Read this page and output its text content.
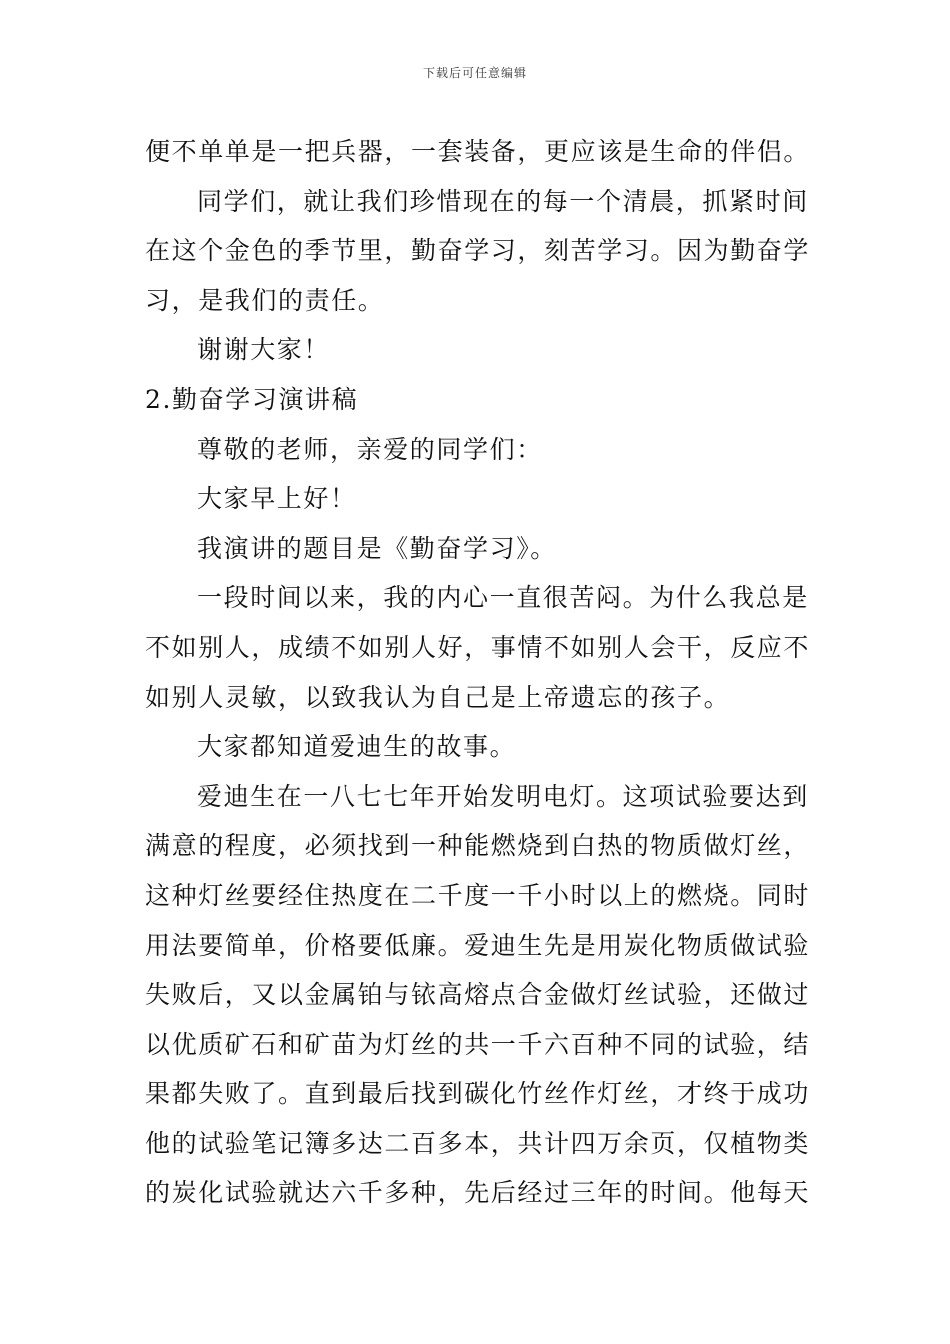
下载后可任意编辑
便不单单是一把兵器，一套装备，更应该是生命的伴侣。
同学们，就让我们珍惜现在的每一个清晨，抓紧时间
在这个金色的季节里，勤奋学习，刻苦学习。因为勤奋学
习，是我们的责任。
谢谢大家！
2.勤奋学习演讲稿
尊敬的老师，亲爱的同学们：
大家早上好！
我演讲的题目是《勤奋学习》。
一段时间以来，我的内心一直很苦闷。为什么我总是
不如别人，成绩不如别人好，事情不如别人会干，反应不
如别人灵敏，以致我认为自己是上帝遗忘的孩子。
大家都知道爱迪生的故事。
爱迪生在一八七七年开始发明电灯。这项试验要达到
满意的程度，必须找到一种能燃烧到白热的物质做灯丝，
这种灯丝要经住热度在二千度一千小时以上的燃烧。同时
用法要简单，价格要低廉。爱迪生先是用炭化物质做试验
失败后，又以金属铂与铱高熔点合金做灯丝试验，还做过
以优质矿石和矿苗为灯丝的共一千六百种不同的试验，结
果都失败了。直到最后找到碳化竹丝作灯丝，才终于成功
他的试验笔记簿多达二百多本，共计四万余页，仅植物类
的炭化试验就达六千多种，先后经过三年的时间。他每天
